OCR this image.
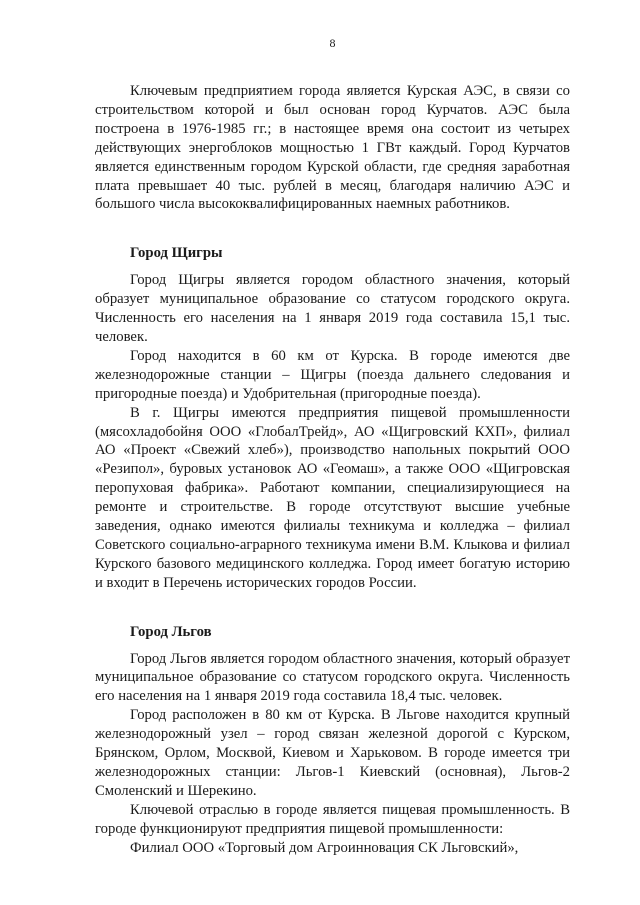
8

Ключевым предприятием города является Курская АЭС, в связи со строительством которой и был основан город Курчатов. АЭС была построена в 1976-1985 гг.; в настоящее время она состоит из четырех действующих энергоблоков мощностью 1 ГВт каждый. Город Курчатов является единственным городом Курской области, где средняя заработная плата превышает 40 тыс. рублей в месяц, благодаря наличию АЭС и большого числа высококвалифицированных наемных работников.

Город Щигры

Город Щигры является городом областного значения, который образует муниципальное образование со статусом городского округа. Численность его населения на 1 января 2019 года составила 15,1 тыс. человек.

Город находится в 60 км от Курска. В городе имеются две железнодорожные станции – Щигры (поезда дальнего следования и пригородные поезда) и Удобрительная (пригородные поезда).

В г. Щигры имеются предприятия пищевой промышленности (мясохладобойня ООО «ГлобалТрейд», АО «Щигровский КХП», филиал АО «Проект «Свежий хлеб»), производство напольных покрытий ООО «Резипол», буровых установок АО «Геомаш», а также ООО «Щигровская перопуховая фабрика». Работают компании, специализирующиеся на ремонте и строительстве. В городе отсутствуют высшие учебные заведения, однако имеются филиалы техникума и колледжа – филиал Советского социально-аграрного техникума имени В.М. Клыкова и филиал Курского базового медицинского колледжа. Город имеет богатую историю и входит в Перечень исторических городов России.

Город Льгов

Город Льгов является городом областного значения, который образует муниципальное образование со статусом городского округа. Численность его населения на 1 января 2019 года составила 18,4 тыс. человек.

Город расположен в 80 км от Курска. В Льгове находится крупный железнодорожный узел – город связан железной дорогой с Курском, Брянском, Орлом, Москвой, Киевом и Харьковом. В городе имеется три железнодорожных станции: Льгов-1 Киевский (основная), Льгов-2 Смоленский и Шерекино.

Ключевой отраслью в городе является пищевая промышленность. В городе функционируют предприятия пищевой промышленности:

Филиал ООО «Торговый дом Агроинновация СК Льговский»,
